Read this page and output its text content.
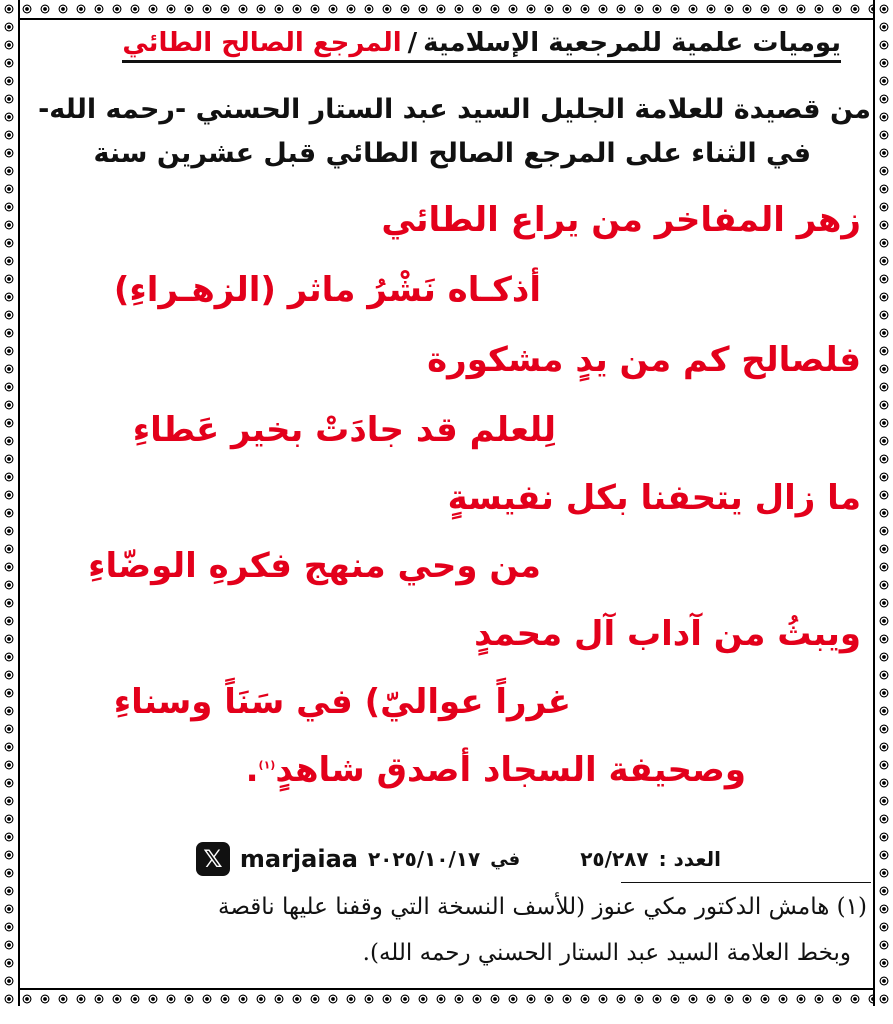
يوميات علمية للمرجعية الإسلامية/المرجع الصالح الطائي
من قصيدة للعلامة الجليل السيد عبد الستار الحسني -رحمه الله-
في الثناء على المرجع الصالح الطائي قبل عشرين سنة
زهر المفاخر من يراع الطائي
أذكـاه نَشْرُ ماثر (الزهـراءِ)
فلصالح كم من يدٍ مشكورة
لِلعلم قد جادَتْ بخير عَطاءِ
ما زال يتحفنا بكل نفيسةٍ
من وحي منهج فكرهِ الوضّاءِ
ويبثُ من آداب آل محمدٍ
غرراً عواليّ) في سَنَاً وسناءِ
وصحيفة السجاد أصدق شاهدٍ$^{(١)}$.
العدد :
٢٥/٢٨٧
في
٢٠٢٥/١٠/١٧
marjaiaa
𝕏
(١) هامش الدكتور مكي عنوز (للأسف النسخة التي وقفنا عليها ناقصة
وبخط العلامة السيد عبد الستار الحسني رحمه الله).
